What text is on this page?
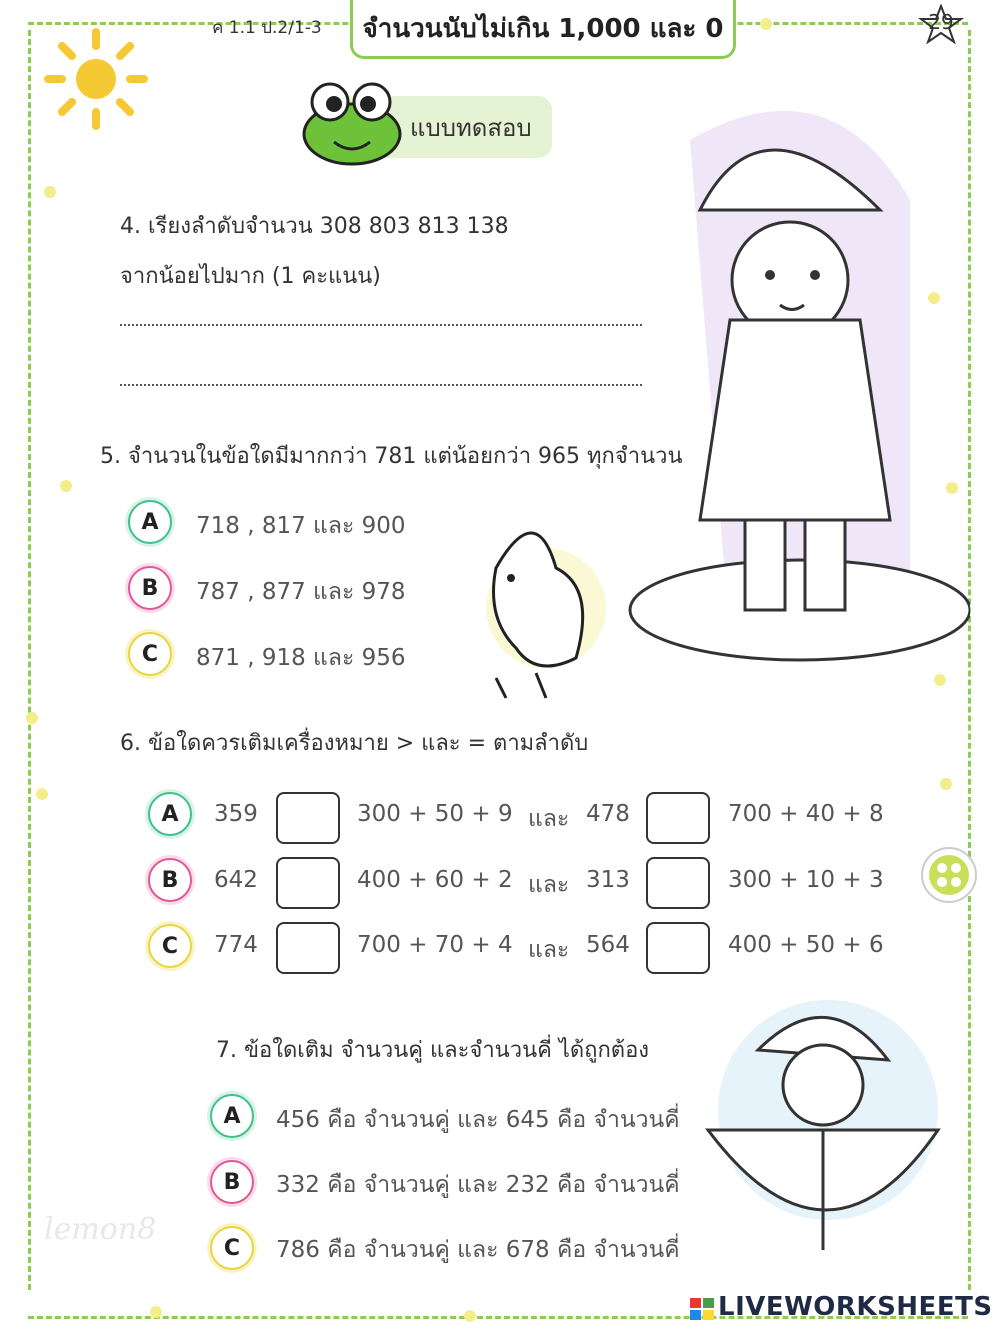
ค 1.1 ป.2/1-3 จำนวนนับไม่เกิน 1,000 และ 0	29
แบบทดสอบ
4. เรียงลำดับจำนวน 308 803 813 138
จากน้อยไปมาก (1 คะแนน)
5. จำนวนในข้อใดมีมากกว่า 781 แต่น้อยกว่า 965 ทุกจำนวน
A	718 , 817 และ 900
B	787 , 877 และ 978
C	871 , 918 และ 956
6. ข้อใดควรเติมเครื่องหมาย > และ = ตามลำดับ
A	359	300 + 50 + 9 และ 478	700 + 40 + 8
B	642	400 + 60 + 2 และ 313	300 + 10 + 3
C	774	700 + 70 + 4 และ 564	400 + 50 + 6
7. ข้อใดเติม จำนวนคู่ และจำนวนคี่ ได้ถูกต้อง
A	456 คือ จำนวนคู่ และ 645 คือ จำนวนคี่
B	332 คือ จำนวนคู่ และ 232 คือ จำนวนคี่
C	786 คือ จำนวนคู่ และ 678 คือ จำนวนคี่
lemon8
LIVEWORKSHEETS
